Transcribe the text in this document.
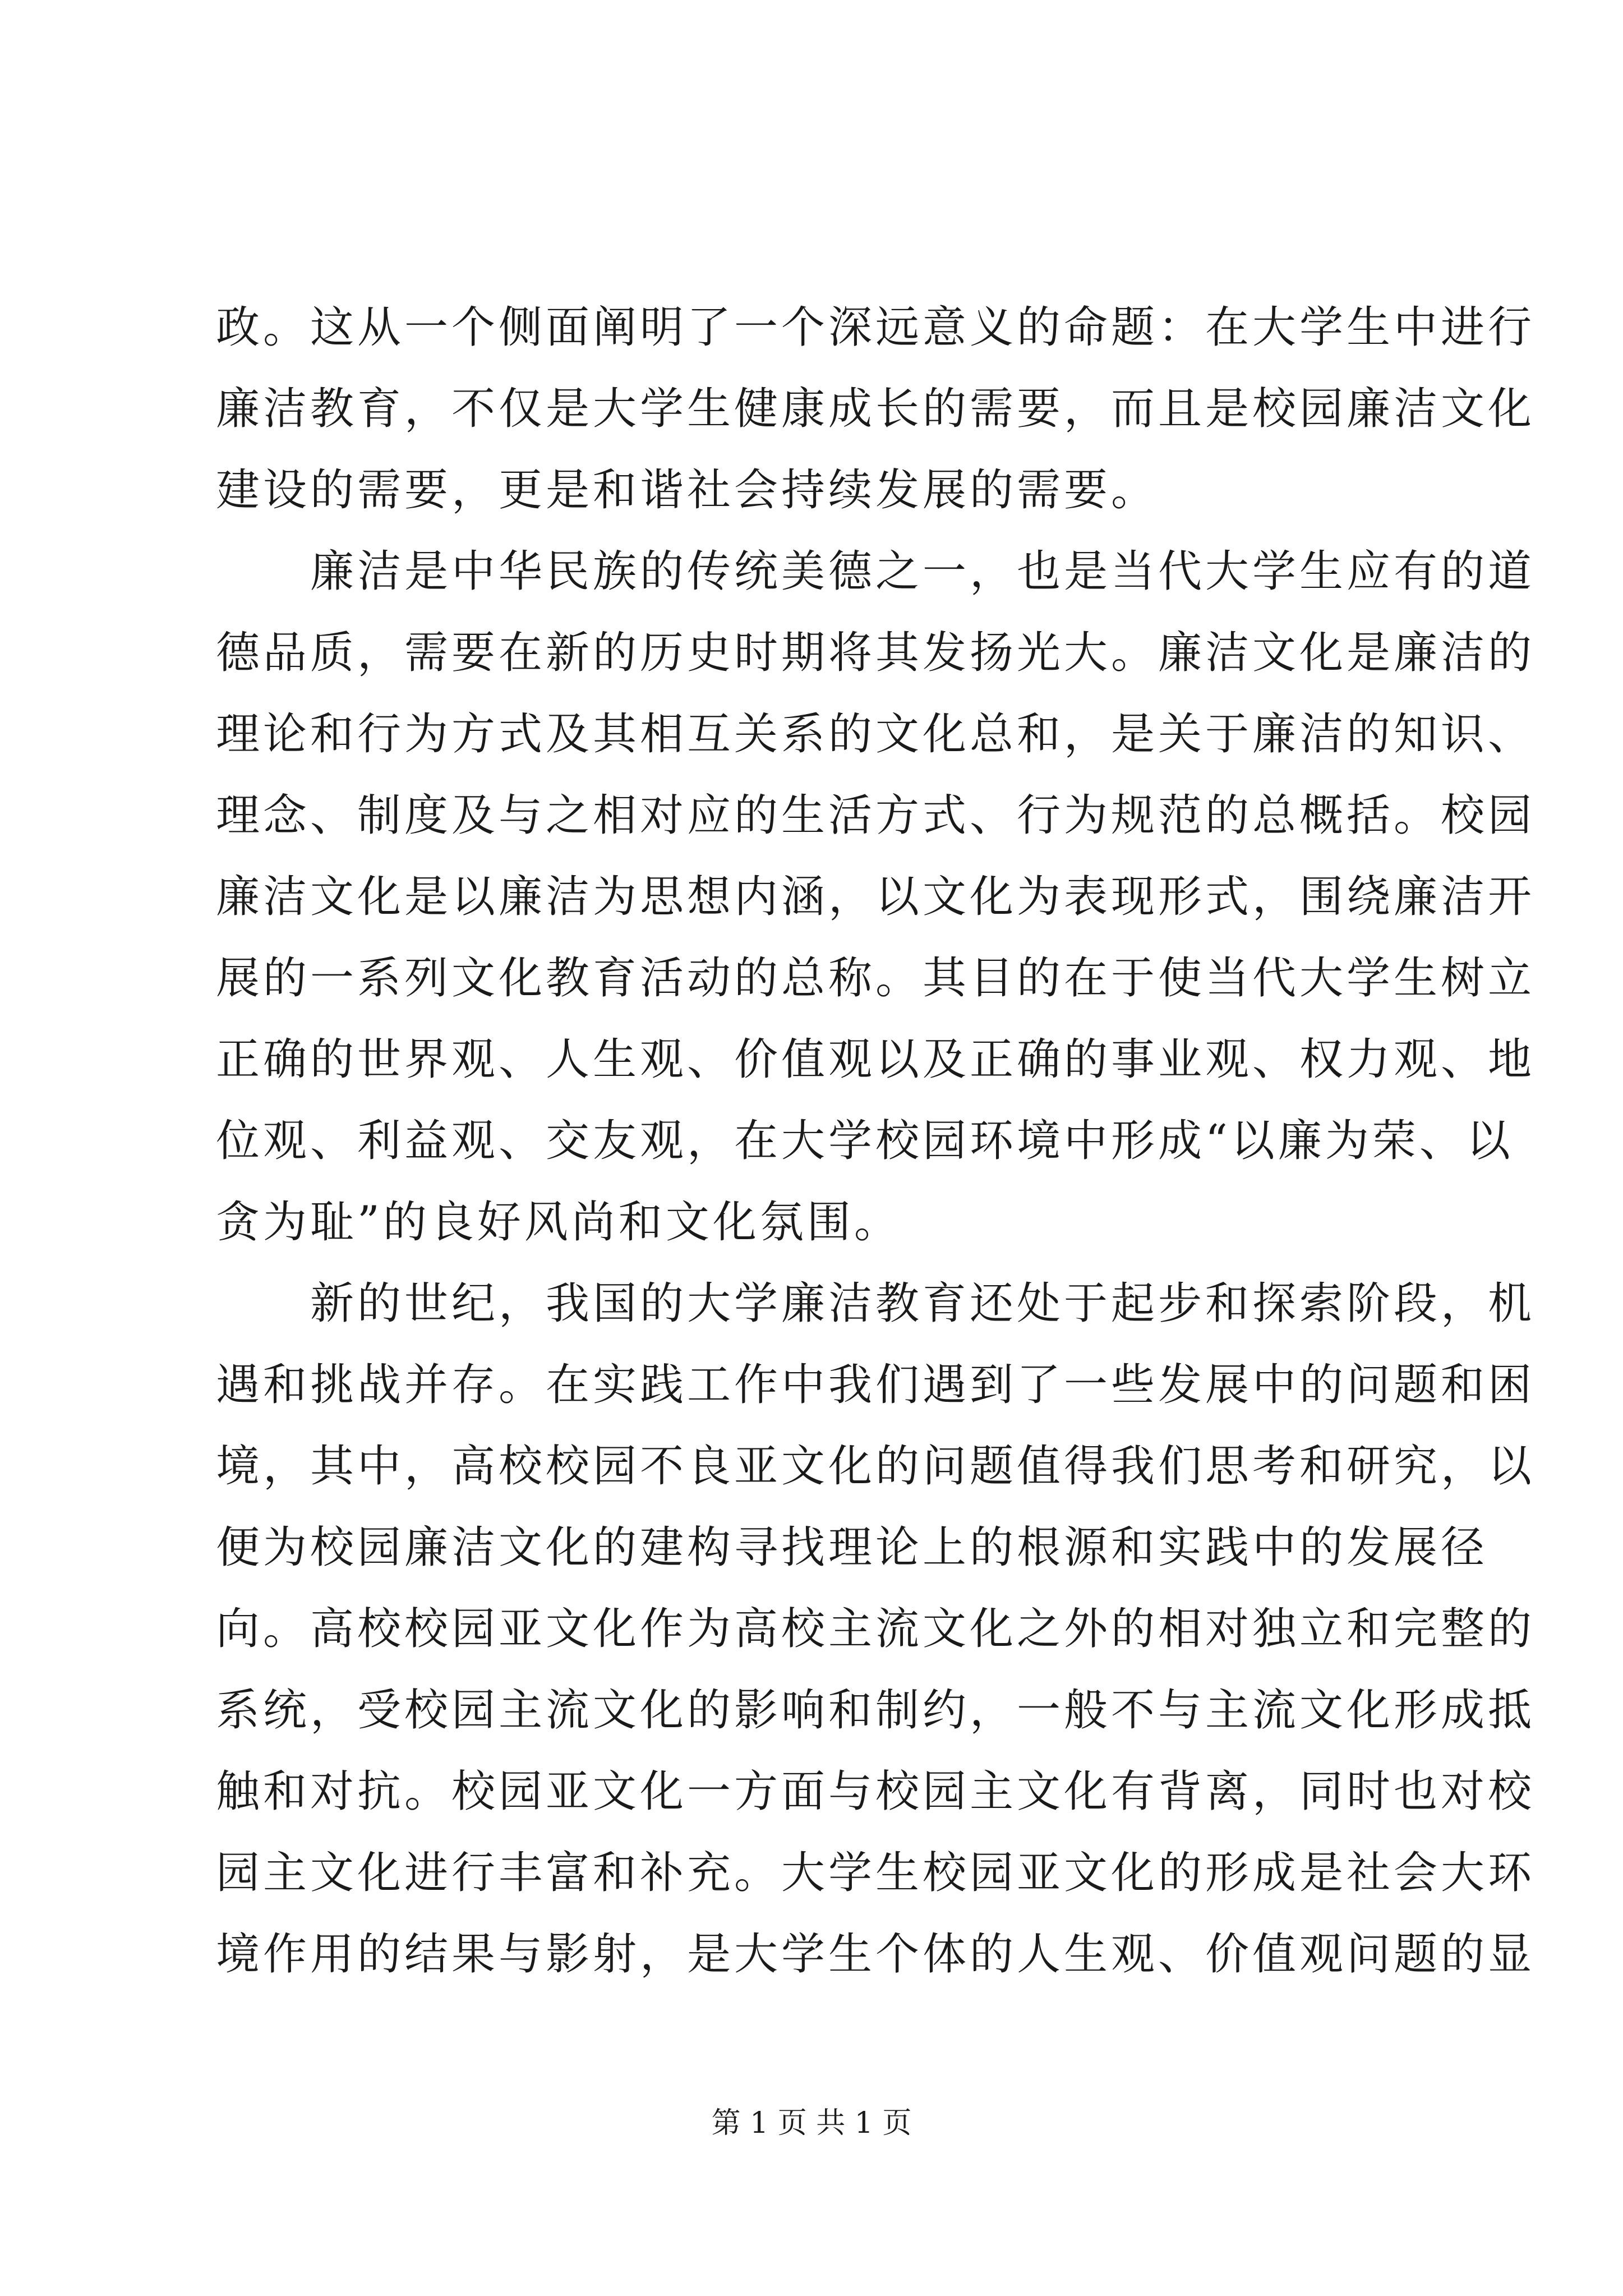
政。这从一个侧面阐明了一个深远意义的命题：在大学生中进行
廉洁教育，不仅是大学生健康成长的需要，而且是校园廉洁文化
建设的需要，更是和谐社会持续发展的需要。
　　廉洁是中华民族的传统美德之一，也是当代大学生应有的道
德品质，需要在新的历史时期将其发扬光大。廉洁文化是廉洁的
理论和行为方式及其相互关系的文化总和，是关于廉洁的知识、
理念、制度及与之相对应的生活方式、行为规范的总概括。校园
廉洁文化是以廉洁为思想内涵，以文化为表现形式，围绕廉洁开
展的一系列文化教育活动的总称。其目的在于使当代大学生树立
正确的世界观、人生观、价值观以及正确的事业观、权力观、地
位观、利益观、交友观，在大学校园环境中形成“以廉为荣、以
贪为耻”的良好风尚和文化氛围。
　　新的世纪，我国的大学廉洁教育还处于起步和探索阶段，机
遇和挑战并存。在实践工作中我们遇到了一些发展中的问题和困
境，其中，高校校园不良亚文化的问题值得我们思考和研究，以
便为校园廉洁文化的建构寻找理论上的根源和实践中的发展径
向。高校校园亚文化作为高校主流文化之外的相对独立和完整的
系统，受校园主流文化的影响和制约，一般不与主流文化形成抵
触和对抗。校园亚文化一方面与校园主文化有背离，同时也对校
园主文化进行丰富和补充。大学生校园亚文化的形成是社会大环
境作用的结果与影射，是大学生个体的人生观、价值观问题的显
第 1 页 共 1 页
